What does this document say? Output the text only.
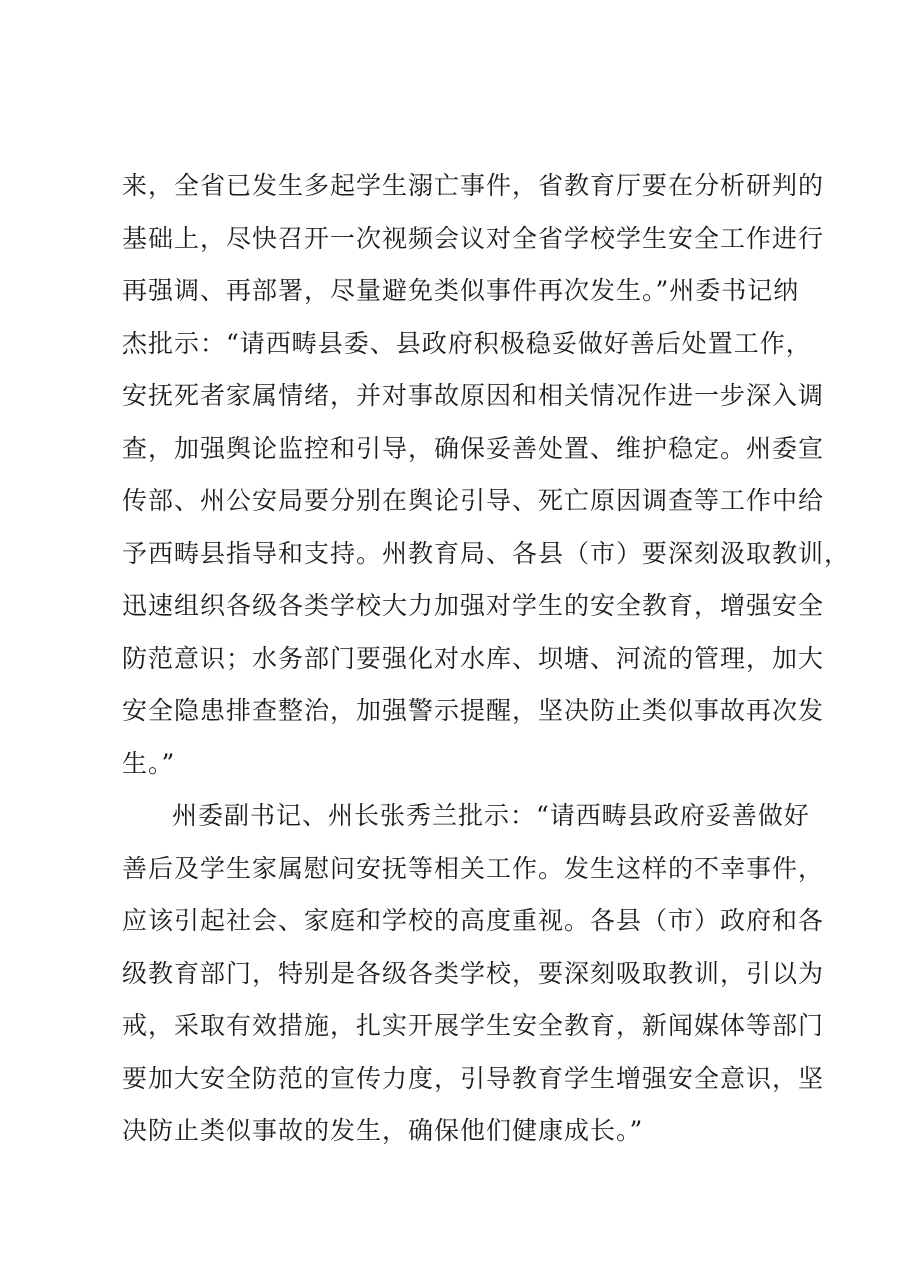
来，全省已发生多起学生溺亡事件，省教育厅要在分析研判的
基础上，尽快召开一次视频会议对全省学校学生安全工作进行
再强调、再部署，尽量避免类似事件再次发生。”州委书记纳
杰批示：“请西畴县委、县政府积极稳妥做好善后处置工作，
安抚死者家属情绪，并对事故原因和相关情况作进一步深入调
查，加强舆论监控和引导，确保妥善处置、维护稳定。州委宣
传部、州公安局要分别在舆论引导、死亡原因调查等工作中给
予西畴县指导和支持。州教育局、各县（市）要深刻汲取教训，
迅速组织各级各类学校大力加强对学生的安全教育，增强安全
防范意识；水务部门要强化对水库、坝塘、河流的管理，加大
安全隐患排查整治，加强警示提醒，坚决防止类似事故再次发
生。”
州委副书记、州长张秀兰批示：“请西畴县政府妥善做好
善后及学生家属慰问安抚等相关工作。发生这样的不幸事件，
应该引起社会、家庭和学校的高度重视。各县（市）政府和各
级教育部门，特别是各级各类学校，要深刻吸取教训，引以为
戒，采取有效措施，扎实开展学生安全教育，新闻媒体等部门
要加大安全防范的宣传力度，引导教育学生增强安全意识，坚
决防止类似事故的发生，确保他们健康成长。”
